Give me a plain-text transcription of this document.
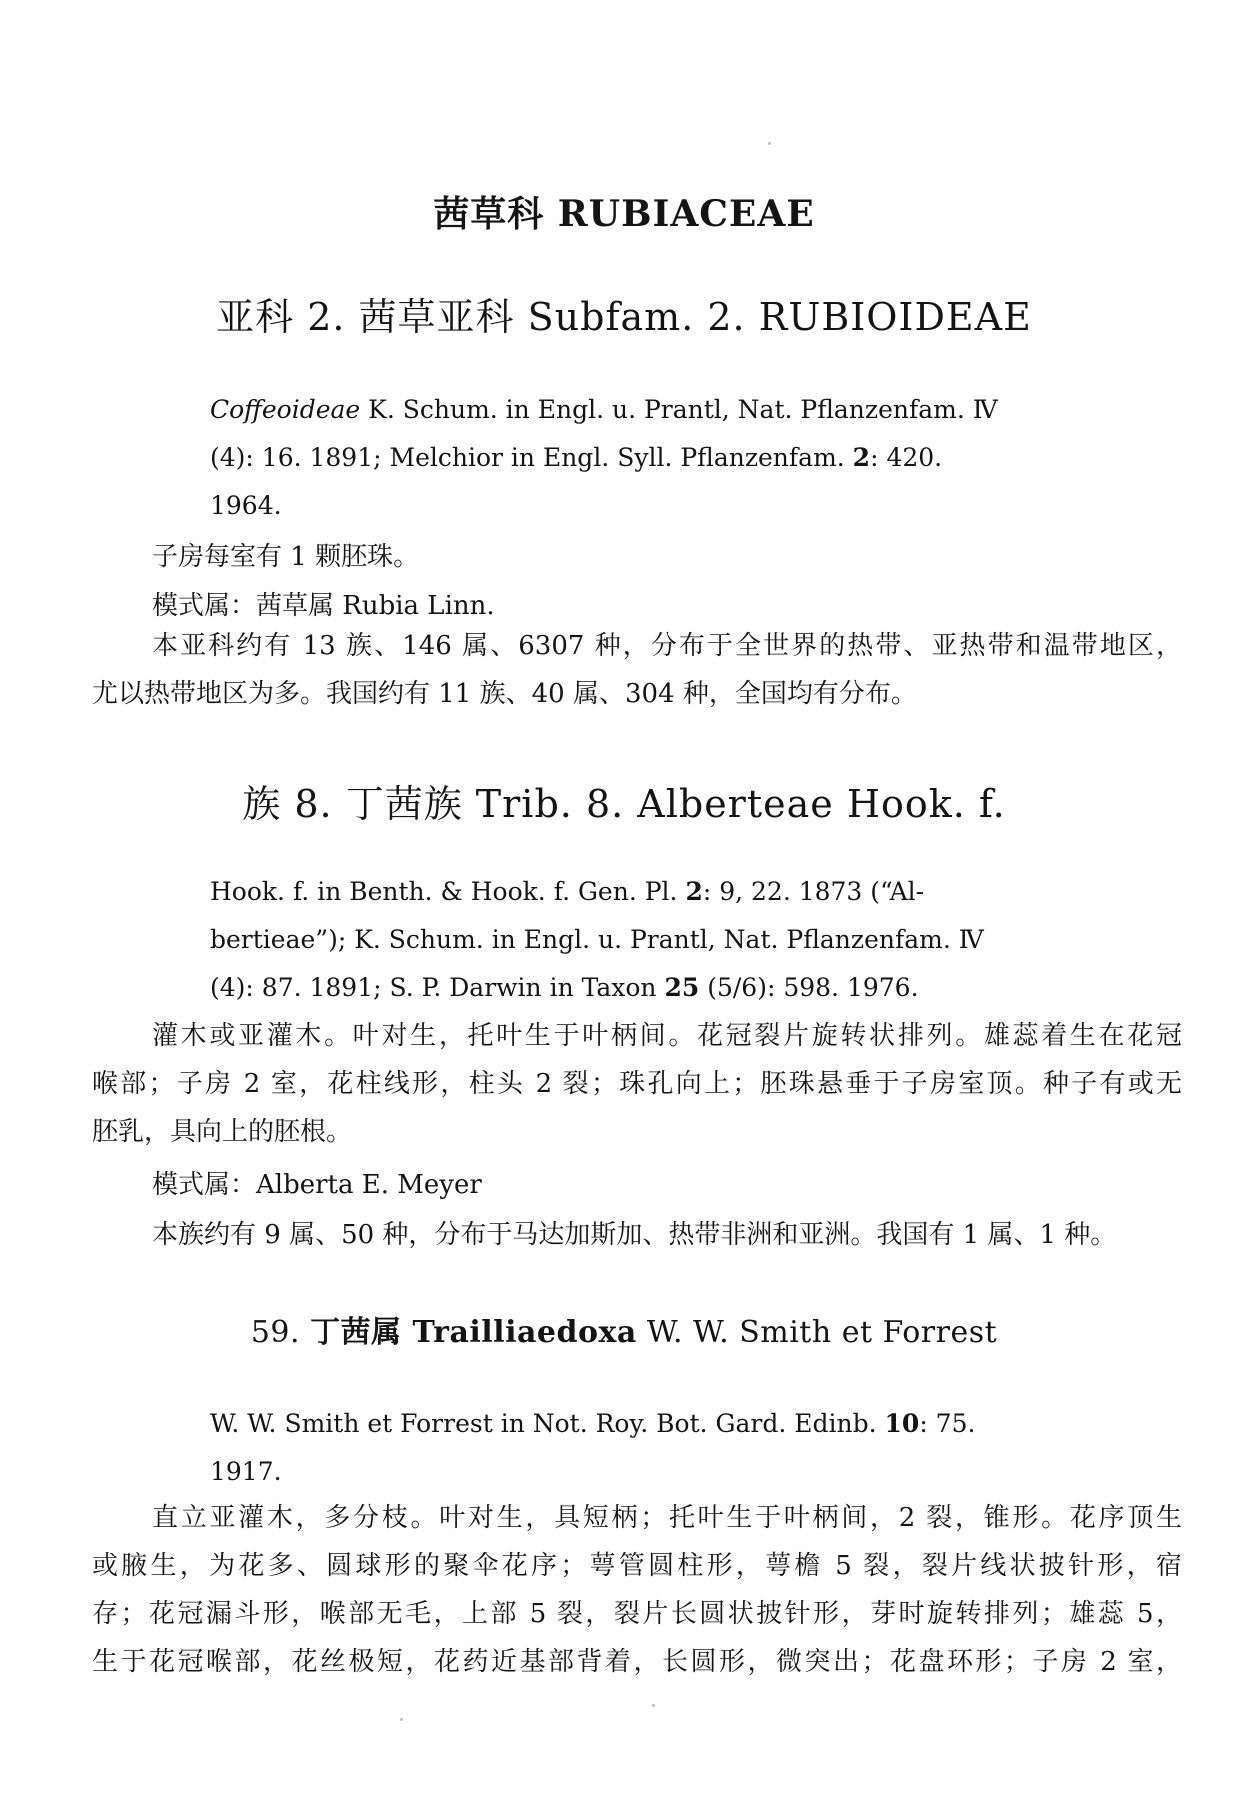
茜草科 RUBIACEAE
亚科 2. 茜草亚科 Subfam. 2. RUBIOIDEAE
Coffeoideae K. Schum. in Engl. u. Prantl, Nat. Pflanzenfam. Ⅳ
(4): 16. 1891; Melchior in Engl. Syll. Pflanzenfam. 2: 420.
1964.
子房每室有 1 颗胚珠。
模式属：茜草属 Rubia Linn.
本亚科约有 13 族、146 属、6307 种，分布于全世界的热带、亚热带和温带地区，
尤以热带地区为多。我国约有 11 族、40 属、304 种，全国均有分布。
族 8. 丁茜族 Trib. 8. Alberteae Hook. f.
Hook. f. in Benth. & Hook. f. Gen. Pl. 2: 9, 22. 1873 (“Al-
bertieae”); K. Schum. in Engl. u. Prantl, Nat. Pflanzenfam. Ⅳ
(4): 87. 1891; S. P. Darwin in Taxon 25 (5/6): 598. 1976.
灌木或亚灌木。叶对生，托叶生于叶柄间。花冠裂片旋转状排列。雄蕊着生在花冠
喉部；子房 2 室，花柱线形，柱头 2 裂；珠孔向上；胚珠悬垂于子房室顶。种子有或无
胚乳，具向上的胚根。
模式属：Alberta E. Meyer
本族约有 9 属、50 种，分布于马达加斯加、热带非洲和亚洲。我国有 1 属、1 种。
59. 丁茜属 Trailliaedoxa W. W. Smith et Forrest
W. W. Smith et Forrest in Not. Roy. Bot. Gard. Edinb. 10: 75.
1917.
直立亚灌木，多分枝。叶对生，具短柄；托叶生于叶柄间，2 裂，锥形。花序顶生
或腋生，为花多、圆球形的聚伞花序；萼管圆柱形，萼檐 5 裂，裂片线状披针形，宿
存；花冠漏斗形，喉部无毛，上部 5 裂，裂片长圆状披针形，芽时旋转排列；雄蕊 5，
生于花冠喉部，花丝极短，花药近基部背着，长圆形，微突出；花盘环形；子房 2 室，
